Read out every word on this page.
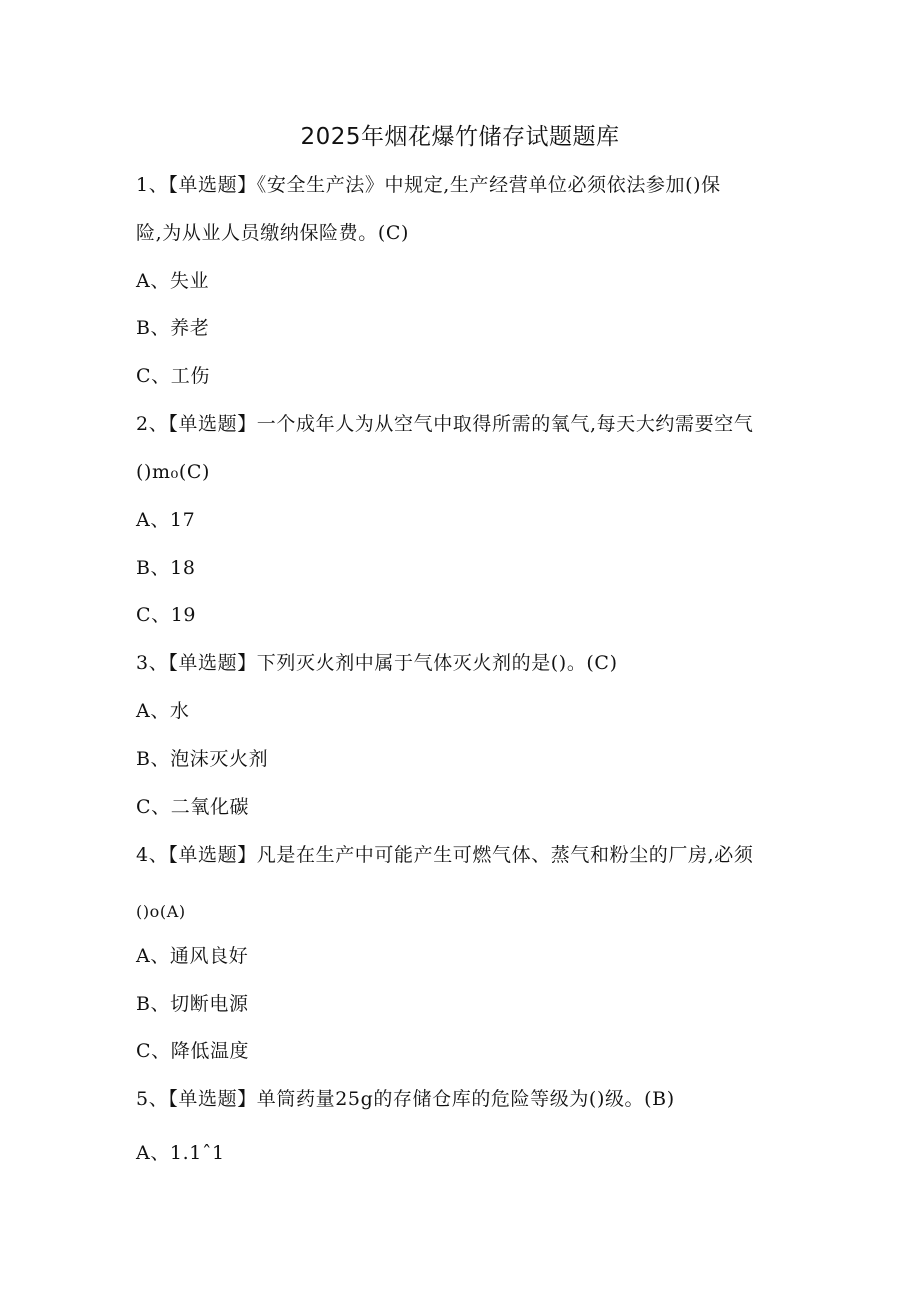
2025年烟花爆竹储存试题题库
1、【单选题】《安全生产法》中规定,生产经营单位必须依法参加()保
险,为从业人员缴纳保险费。(C)
A、失业
B、养老
C、工伤
2、【单选题】一个成年人为从空气中取得所需的氧气,每天大约需要空气
()m₀(C)
A、17
B、18
C、19
3、【单选题】下列灭火剂中属于气体灭火剂的是()。(C)
A、水
B、泡沫灭火剂
C、二氧化碳
4、【单选题】凡是在生产中可能产生可燃气体、蒸气和粉尘的厂房,必须
()o(A)
A、通风良好
B、切断电源
C、降低温度
5、【单选题】单筒药量25g的存储仓库的危险等级为()级。(B)
A、1.1ˆ1
